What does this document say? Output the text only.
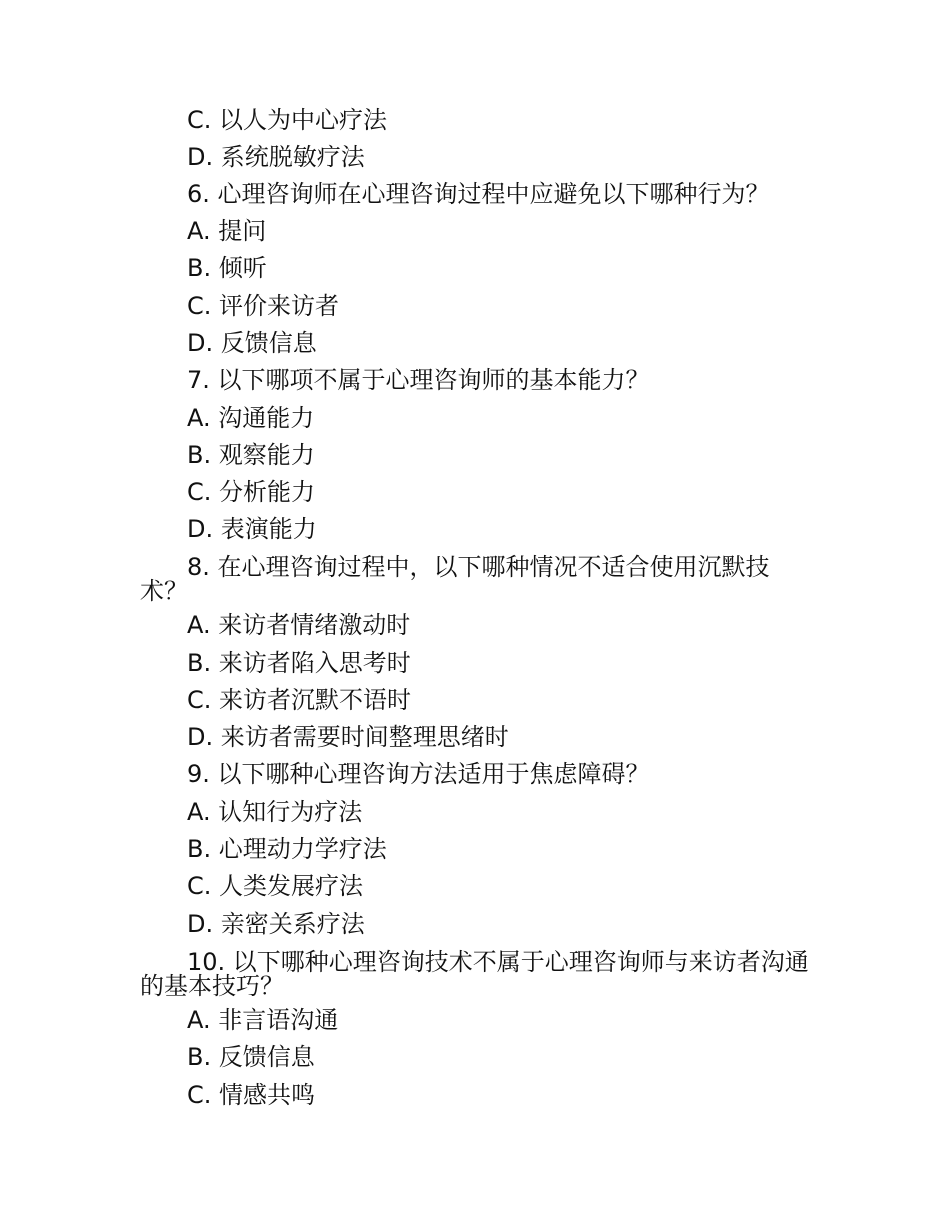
C. 以人为中心疗法
D. 系统脱敏疗法
6. 心理咨询师在心理咨询过程中应避免以下哪种行为？
A. 提问
B. 倾听
C. 评价来访者
D. 反馈信息
7. 以下哪项不属于心理咨询师的基本能力？
A. 沟通能力
B. 观察能力
C. 分析能力
D. 表演能力
8. 在心理咨询过程中，以下哪种情况不适合使用沉默技术？
A. 来访者情绪激动时
B. 来访者陷入思考时
C. 来访者沉默不语时
D. 来访者需要时间整理思绪时
9. 以下哪种心理咨询方法适用于焦虑障碍？
A. 认知行为疗法
B. 心理动力学疗法
C. 人类发展疗法
D. 亲密关系疗法
10. 以下哪种心理咨询技术不属于心理咨询师与来访者沟通的基本技巧？
A. 非言语沟通
B. 反馈信息
C. 情感共鸣
